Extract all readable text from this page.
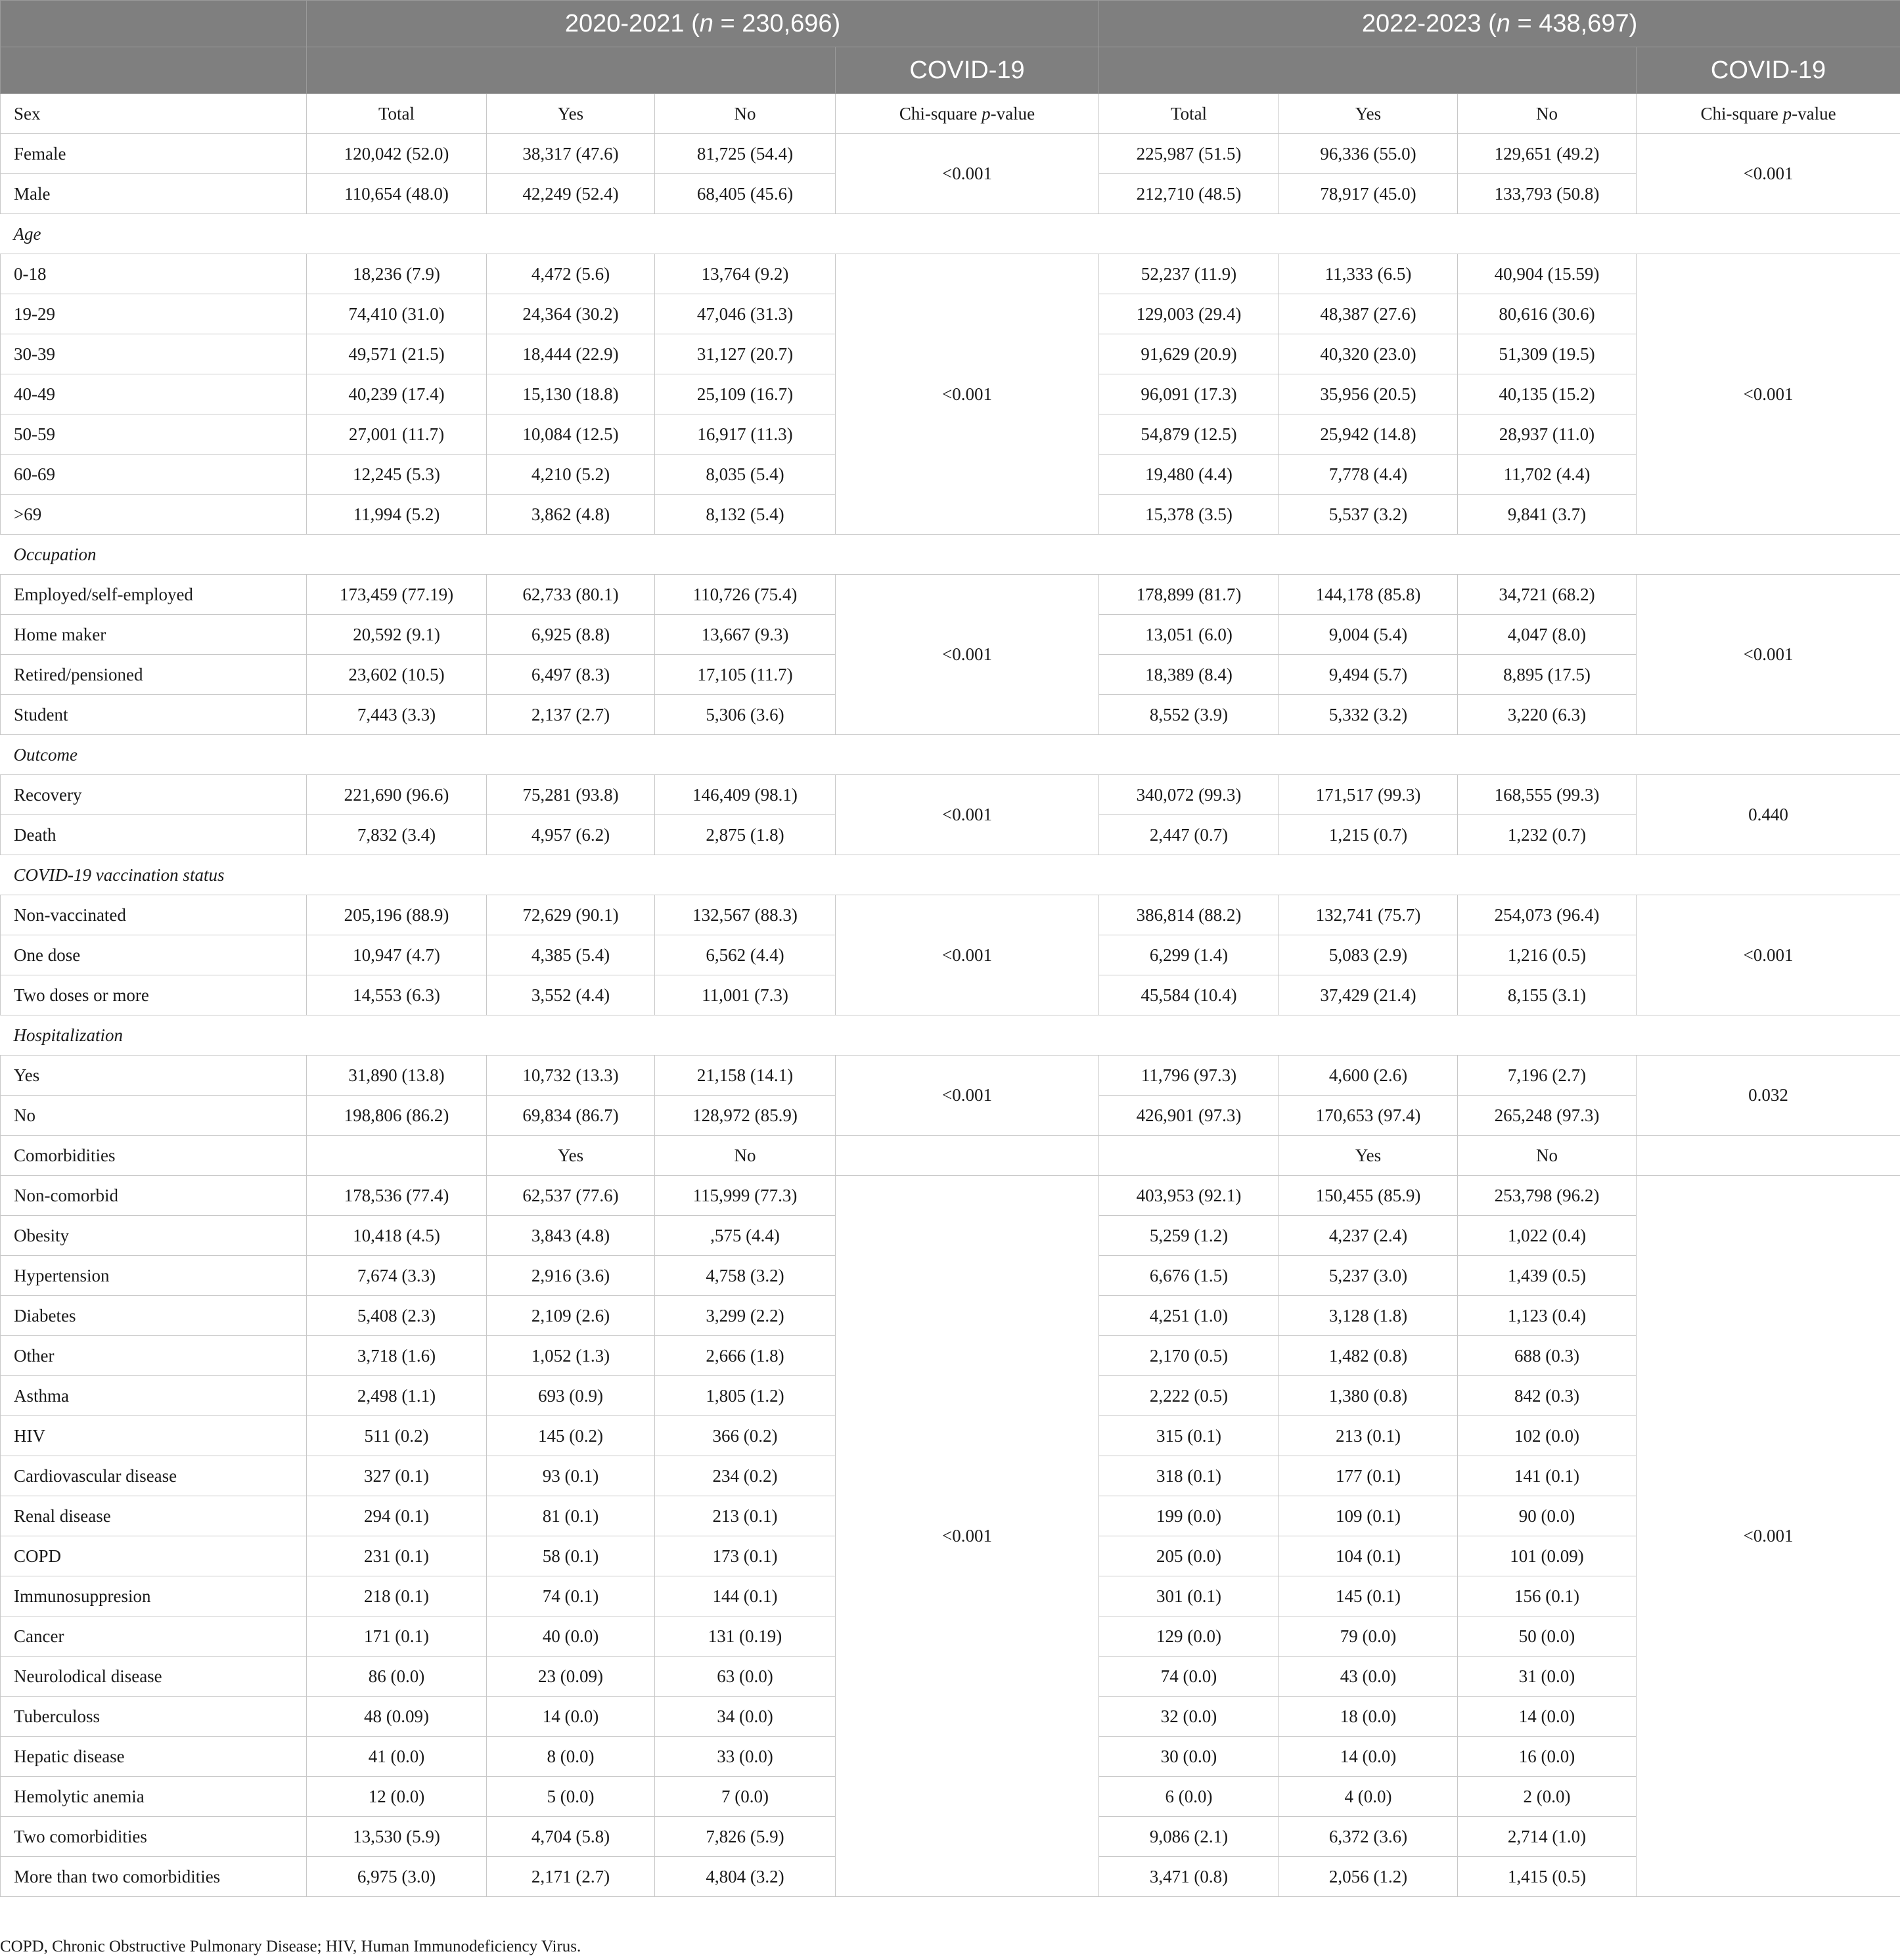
	2020-2021 (n = 230,696)				2022-2023 (n = 438,697)			
				COVID-19				COVID-19
Sex	Total	Yes	No	Chi-square p-value	Total	Yes	No	Chi-square p-value
Female	120,042 (52.0)	38,317 (47.6)	81,725 (54.4)	<0.001	225,987 (51.5)	96,336 (55.0)	129,651 (49.2)	<0.001
Male	110,654 (48.0)	42,249 (52.4)	68,405 (45.6)		212,710 (48.5)	78,917 (45.0)	133,793 (50.8)	
Age								
0-18	18,236 (7.9)	4,472 (5.6)	13,764 (9.2)	<0.001	52,237 (11.9)	11,333 (6.5)	40,904 (15.59)	<0.001
19-29	74,410 (31.0)	24,364 (30.2)	47,046 (31.3)		129,003 (29.4)	48,387 (27.6)	80,616 (30.6)	
30-39	49,571 (21.5)	18,444 (22.9)	31,127 (20.7)		91,629 (20.9)	40,320 (23.0)	51,309 (19.5)	
40-49	40,239 (17.4)	15,130 (18.8)	25,109 (16.7)		96,091 (17.3)	35,956 (20.5)	40,135 (15.2)	
50-59	27,001 (11.7)	10,084 (12.5)	16,917 (11.3)		54,879 (12.5)	25,942 (14.8)	28,937 (11.0)	
60-69	12,245 (5.3)	4,210 (5.2)	8,035 (5.4)		19,480 (4.4)	7,778 (4.4)	11,702 (4.4)	
>69	11,994 (5.2)	3,862 (4.8)	8,132 (5.4)		15,378 (3.5)	5,537 (3.2)	9,841 (3.7)	
Occupation								
Employed/self-employed	173,459 (77.19)	62,733 (80.1)	110,726 (75.4)	<0.001	178,899 (81.7)	144,178 (85.8)	34,721 (68.2)	<0.001
Home maker	20,592 (9.1)	6,925 (8.8)	13,667 (9.3)		13,051 (6.0)	9,004 (5.4)	4,047 (8.0)	
Retired/pensioned	23,602 (10.5)	6,497 (8.3)	17,105 (11.7)		18,389 (8.4)	9,494 (5.7)	8,895 (17.5)	
Student	7,443 (3.3)	2,137 (2.7)	5,306 (3.6)		8,552 (3.9)	5,332 (3.2)	3,220 (6.3)	
Outcome								
Recovery	221,690 (96.6)	75,281 (93.8)	146,409 (98.1)	<0.001	340,072 (99.3)	171,517 (99.3)	168,555 (99.3)	0.440
Death	7,832 (3.4)	4,957 (6.2)	2,875 (1.8)		2,447 (0.7)	1,215 (0.7)	1,232 (0.7)	
COVID-19 vaccination status								
Non-vaccinated	205,196 (88.9)	72,629 (90.1)	132,567 (88.3)	<0.001	386,814 (88.2)	132,741 (75.7)	254,073 (96.4)	<0.001
One dose	10,947 (4.7)	4,385 (5.4)	6,562 (4.4)		6,299 (1.4)	5,083 (2.9)	1,216 (0.5)	
Two doses or more	14,553 (6.3)	3,552 (4.4)	11,001 (7.3)		45,584 (10.4)	37,429 (21.4)	8,155 (3.1)	
Hospitalization								
Yes	31,890 (13.8)	10,732 (13.3)	21,158 (14.1)	<0.001	11,796 (97.3)	4,600 (2.6)	7,196 (2.7)	0.032
No	198,806 (86.2)	69,834 (86.7)	128,972 (85.9)		426,901 (97.3)	170,653 (97.4)	265,248 (97.3)	
Comorbidities		Yes	No			Yes	No	
Non-comorbid	178,536 (77.4)	62,537 (77.6)	115,999 (77.3)	<0.001	403,953 (92.1)	150,455 (85.9)	253,798 (96.2)	<0.001
Obesity	10,418 (4.5)	3,843 (4.8)	,575 (4.4)		5,259 (1.2)	4,237 (2.4)	1,022 (0.4)	
Hypertension	7,674 (3.3)	2,916 (3.6)	4,758 (3.2)		6,676 (1.5)	5,237 (3.0)	1,439 (0.5)	
Diabetes	5,408 (2.3)	2,109 (2.6)	3,299 (2.2)		4,251 (1.0)	3,128 (1.8)	1,123 (0.4)	
Other	3,718 (1.6)	1,052 (1.3)	2,666 (1.8)		2,170 (0.5)	1,482 (0.8)	688 (0.3)	
Asthma	2,498 (1.1)	693 (0.9)	1,805 (1.2)		2,222 (0.5)	1,380 (0.8)	842 (0.3)	
HIV	511 (0.2)	145 (0.2)	366 (0.2)		315 (0.1)	213 (0.1)	102 (0.0)	
Cardiovascular disease	327 (0.1)	93 (0.1)	234 (0.2)		318 (0.1)	177 (0.1)	141 (0.1)	
Renal disease	294 (0.1)	81 (0.1)	213 (0.1)		199 (0.0)	109 (0.1)	90 (0.0)	
COPD	231 (0.1)	58 (0.1)	173 (0.1)		205 (0.0)	104 (0.1)	101 (0.09)	
Immunosuppresion	218 (0.1)	74 (0.1)	144 (0.1)		301 (0.1)	145 (0.1)	156 (0.1)	
Cancer	171 (0.1)	40 (0.0)	131 (0.19)		129 (0.0)	79 (0.0)	50 (0.0)	
Neurolodical disease	86 (0.0)	23 (0.09)	63 (0.0)		74 (0.0)	43 (0.0)	31 (0.0)	
Tuberculoss	48 (0.09)	14 (0.0)	34 (0.0)		32 (0.0)	18 (0.0)	14 (0.0)	
Hepatic disease	41 (0.0)	8 (0.0)	33 (0.0)		30 (0.0)	14 (0.0)	16 (0.0)	
Hemolytic anemia	12 (0.0)	5 (0.0)	7 (0.0)		6 (0.0)	4 (0.0)	2 (0.0)	
Two comorbidities	13,530 (5.9)	4,704 (5.8)	7,826 (5.9)		9,086 (2.1)	6,372 (3.6)	2,714 (1.0)	
More than two comorbidities	6,975 (3.0)	2,171 (2.7)	4,804 (3.2)		3,471 (0.8)	2,056 (1.2)	1,415 (0.5)	
COPD, Chronic Obstructive Pulmonary Disease; HIV, Human Immunodeficiency Virus.
